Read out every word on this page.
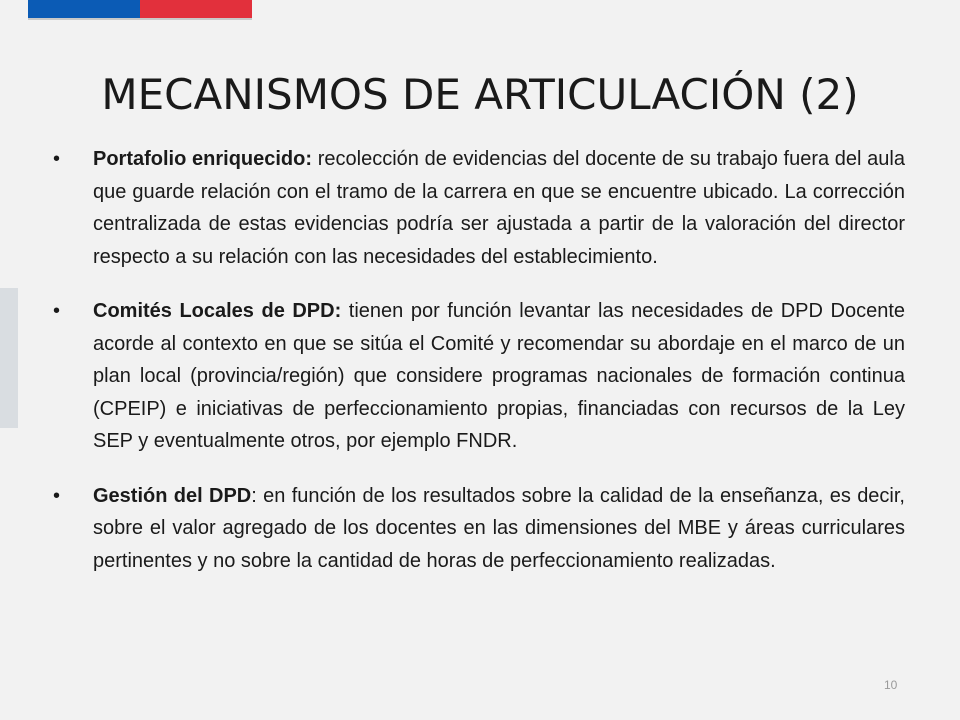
MECANISMOS DE ARTICULACIÓN (2)
•	Portafolio enriquecido: recolección de evidencias del docente de su trabajo fuera del aula que guarde relación con el tramo de la carrera en que se encuentre ubicado. La corrección centralizada de estas evidencias podría ser ajustada a partir de la valoración del director respecto a su relación con las necesidades del establecimiento.
•	Comités Locales de DPD: tienen por función levantar las necesidades de DPD Docente acorde al contexto en que se sitúa el Comité y recomendar su abordaje en el marco de un plan local (provincia/región) que considere programas nacionales de formación continua (CPEIP) e iniciativas de perfeccionamiento propias, financiadas con recursos de la Ley SEP y eventualmente otros, por ejemplo FNDR.
•	Gestión del DPD: en función de los resultados sobre la calidad de la enseñanza, es decir, sobre el valor agregado de los docentes en las dimensiones del MBE y áreas curriculares pertinentes y no sobre la cantidad de horas de perfeccionamiento realizadas.
10
